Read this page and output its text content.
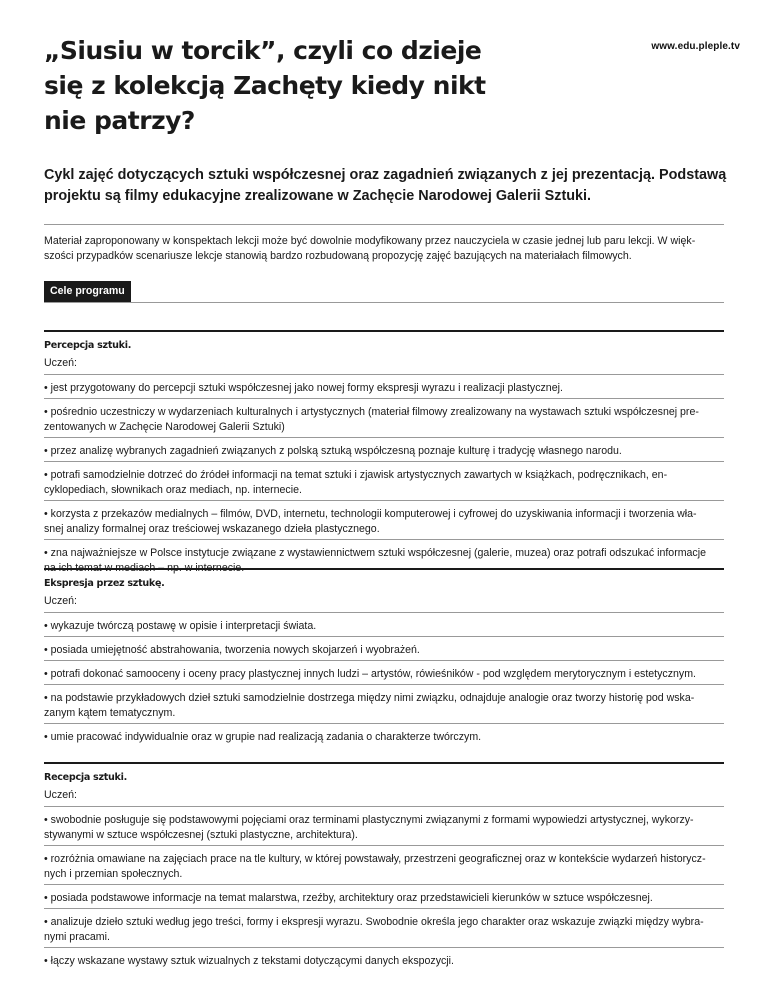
www.edu.pleple.tv
„Siusiu w torcik”, czyli co dzieje
się z kolekcją Zachęty kiedy nikt
nie patrzy?

Cykl zajęć dotyczących sztuki współczesnej oraz zagadnień związanych z jej prezentacją. Podstawą
projektu są filmy edukacyjne zrealizowane w Zachęcie Narodowej Galerii Sztuki.

Materiał zaproponowany w konspektach lekcji może być dowolnie modyfikowany przez nauczyciela w czasie jednej lub paru lekcji. W więk-
szości przypadków scenariusze lekcje stanowią bardzo rozbudowaną propozycję zajęć bazujących na materiałach filmowych.

Cele programu
Percepcja sztuki.
Uczeń:
• jest przygotowany do percepcji sztuki współczesnej jako nowej formy ekspresji wyrazu i realizacji plastycznej.
• pośrednio uczestniczy w wydarzeniach kulturalnych i artystycznych (materiał filmowy zrealizowany na wystawach sztuki współczesnej pre-
zentowanych w Zachęcie Narodowej Galerii Sztuki)
• przez analizę wybranych zagadnień związanych z polską sztuką współczesną poznaje kulturę i tradycję własnego narodu.
• potrafi samodzielnie dotrzeć do źródeł informacji na temat sztuki i zjawisk artystycznych zawartych w książkach, podręcznikach, en-
cyklopediach, słownikach oraz mediach, np. internecie.
• korzysta z przekazów medialnych – filmów, DVD, internetu, technologii komputerowej i cyfrowej do uzyskiwania informacji i tworzenia wła-
snej analizy formalnej oraz treściowej wskazanego dzieła plastycznego.
• zna najważniejsze w Polsce instytucje związane z wystawiennictwem sztuki współczesnej (galerie, muzea) oraz potrafi odszukać informacje
na ich temat w mediach – np. w internecie.
Ekspresja przez sztukę.
Uczeń:
• wykazuje twórczą postawę w opisie i interpretacji świata.
• posiada umiejętność abstrahowania, tworzenia nowych skojarzeń i wyobrażeń.
• potrafi dokonać samooceny i oceny pracy plastycznej innych ludzi – artystów, rówieśników - pod względem merytorycznym i estetycznym.
• na podstawie przykładowych dzieł sztuki samodzielnie dostrzega między nimi związku, odnajduje analogie oraz tworzy historię pod wska-
zanym kątem tematycznym.
• umie pracować indywidualnie oraz w grupie nad realizacją zadania o charakterze twórczym.
Recepcja sztuki.
Uczeń:
• swobodnie posługuje się podstawowymi pojęciami oraz terminami plastycznymi związanymi z formami wypowiedzi artystycznej, wykorzy-
stywanymi w sztuce współczesnej (sztuki plastyczne, architektura).
• rozróżnia omawiane na zajęciach prace na tle kultury, w której powstawały, przestrzeni geograficznej oraz w kontekście wydarzeń historycz-
nych i przemian społecznych.
• posiada podstawowe informacje na temat malarstwa, rzeźby, architektury oraz przedstawicieli kierunków w sztuce współczesnej.
• analizuje dzieło sztuki według jego treści, formy i ekspresji wyrazu. Swobodnie określa jego charakter oraz wskazuje związki między wybra-
nymi pracami.
• łączy wskazane wystawy sztuk wizualnych z tekstami dotyczącymi danych ekspozycji.
